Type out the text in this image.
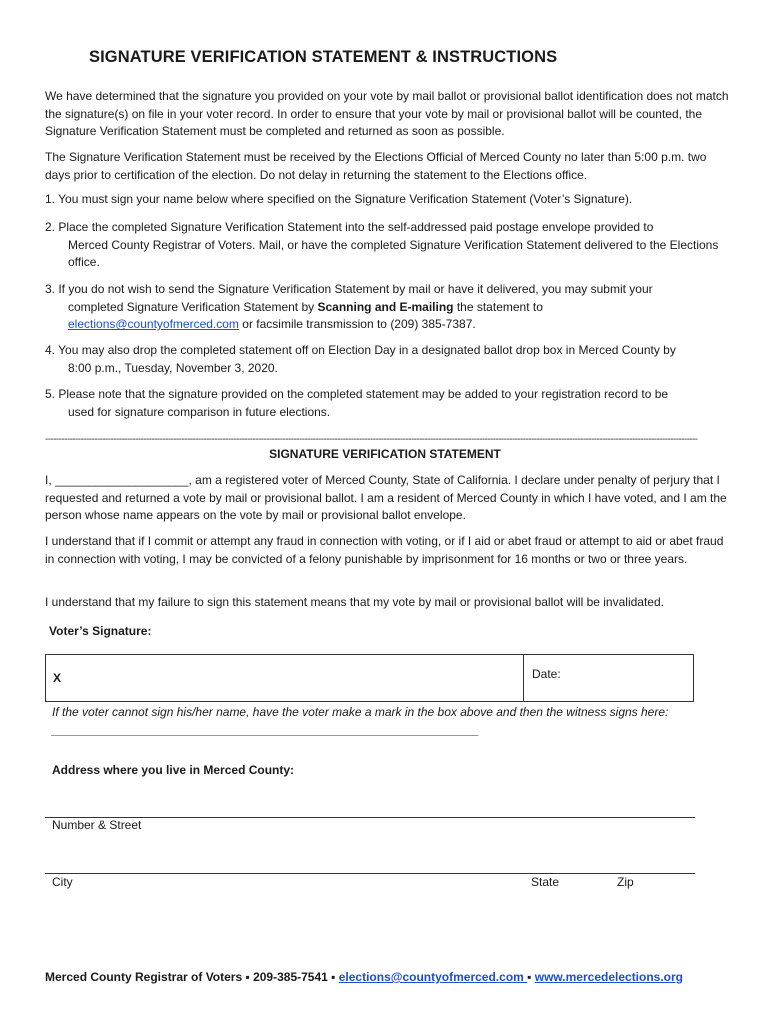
SIGNATURE VERIFICATION STATEMENT & INSTRUCTIONS
We have determined that the signature you provided on your vote by mail ballot or provisional ballot identification does not match the signature(s) on file in your voter record. In order to ensure that your vote by mail or provisional ballot will be counted, the Signature Verification Statement must be completed and returned as soon as possible.
The Signature Verification Statement must be received by the Elections Official of Merced County no later than 5:00 p.m. two days prior to certification of the election. Do not delay in returning the statement to the Elections office.
1. You must sign your name below where specified on the Signature Verification Statement (Voter’s Signature).
2. Place the completed Signature Verification Statement into the self-addressed paid postage envelope provided to
Merced County Registrar of Voters. Mail, or have the completed Signature Verification Statement delivered to the Elections office.
3. If you do not wish to send the Signature Verification Statement by mail or have it delivered, you may submit your
completed Signature Verification Statement by Scanning and E-mailing the statement to
elections@countyofmerced.com or facsimile transmission to (209) 385-7387.
4. You may also drop the completed statement off on Election Day in a designated ballot drop box in Merced County by
8:00 p.m., Tuesday, November 3, 2020.
5. Please note that the signature provided on the completed statement may be added to your registration record to be
used for signature comparison in future elections.
-----------------------------------------------------------------------------------------------------------------------------------------------------------------------------------------------------------------------------------------------
SIGNATURE VERIFICATION STATEMENT
I, ____________________, am a registered voter of Merced County, State of California. I declare under penalty of perjury that I requested and returned a vote by mail or provisional ballot. I am a resident of Merced County in which I have voted, and I am the person whose name appears on the vote by mail or provisional ballot envelope.
I understand that if I commit or attempt any fraud in connection with voting, or if I aid or abet fraud or attempt to aid or abet fraud in connection with voting, I may be convicted of a felony punishable by imprisonment for 16 months or two or three years.
I understand that my failure to sign this statement means that my vote by mail or provisional ballot will be invalidated.
Voter’s Signature:
X	Date:
If the voter cannot sign his/her name, have the voter make a mark in the box above and then the witness signs here: ________________________________________________________________
Address where you live in Merced County:
Number & Street
City	State	Zip
Merced County Registrar of Voters ▪ 209-385-7541 ▪ elections@countyofmerced.com ▪ www.mercedelections.org
